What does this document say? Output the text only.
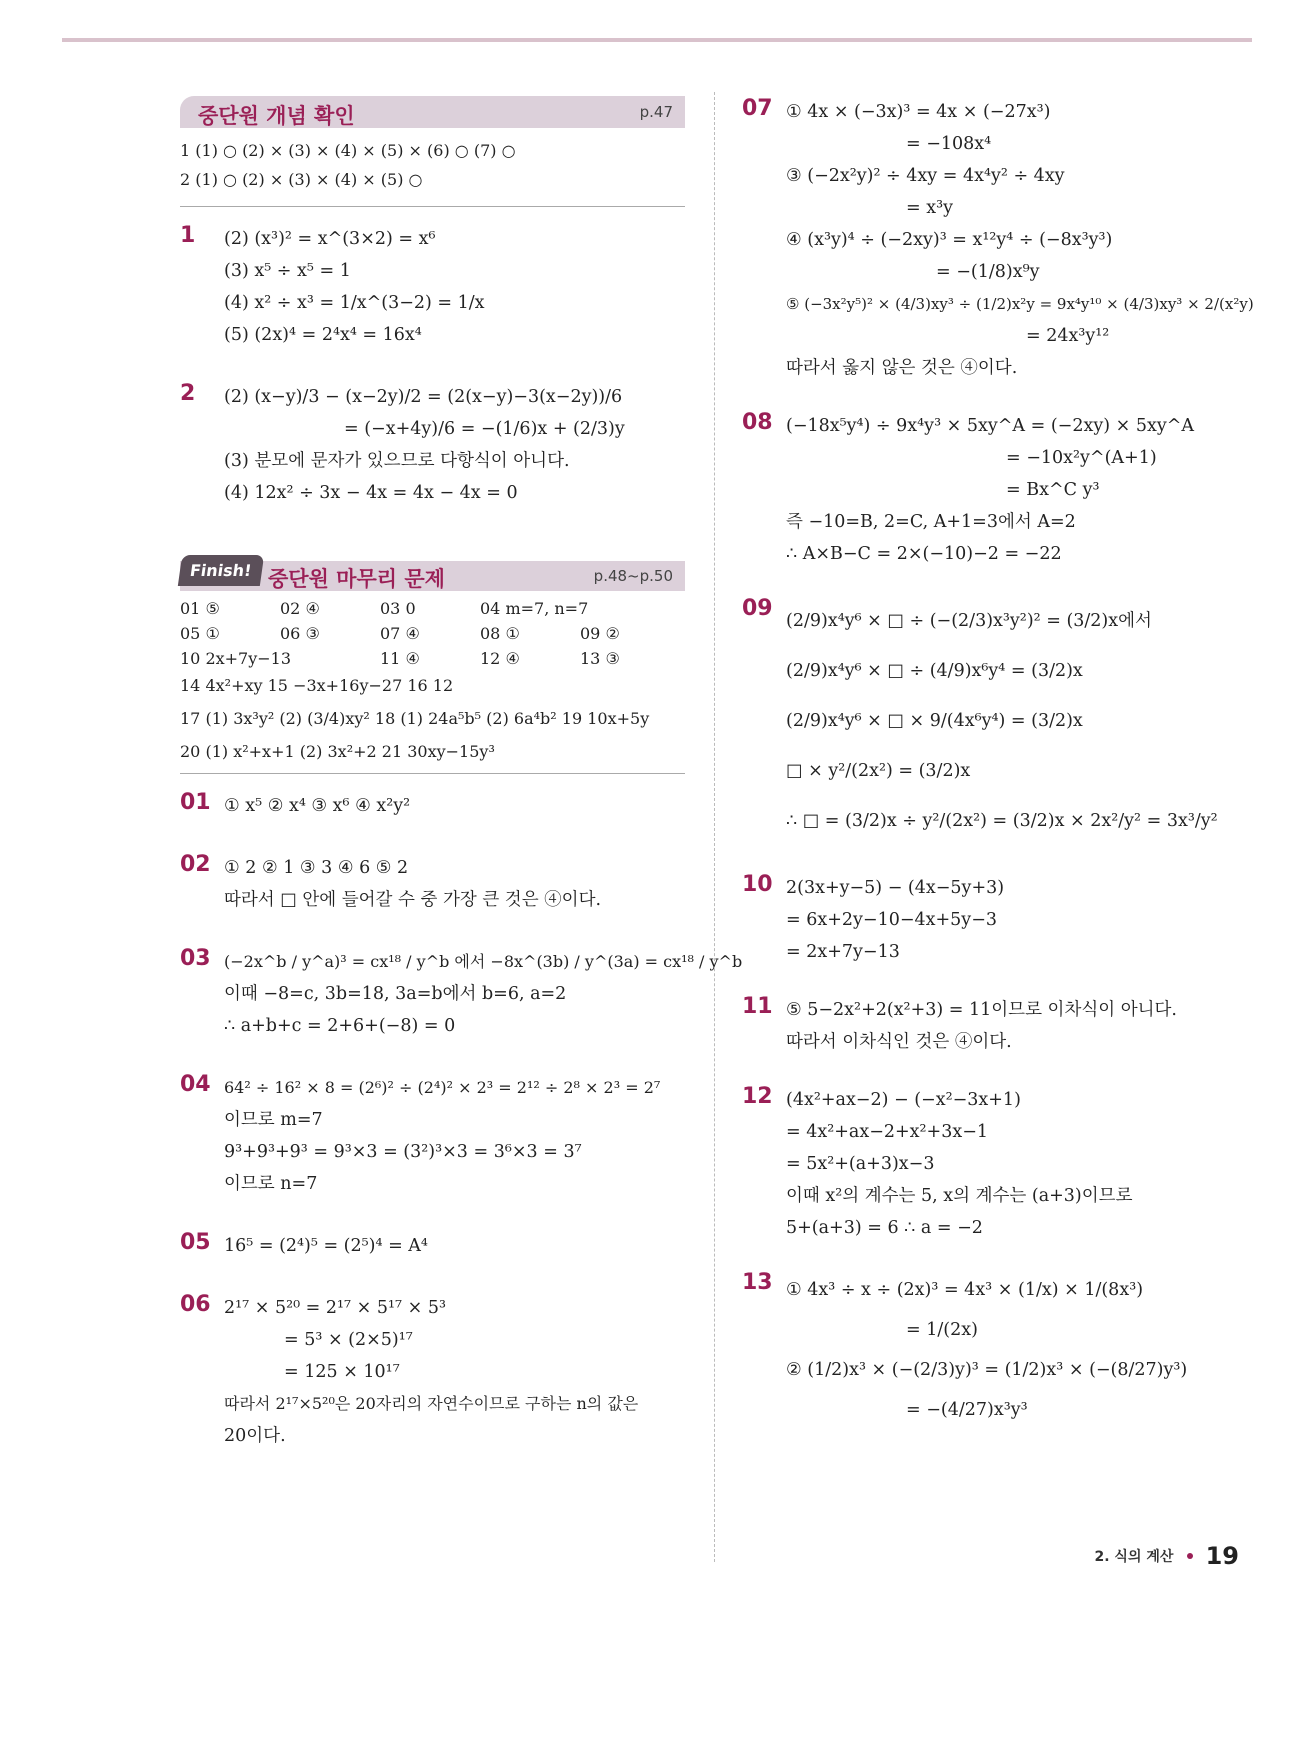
중단원 개념 확인	p.47
1 (1) ○ (2) × (3) × (4) × (5) × (6) ○ (7) ○
2 (1) ○ (2) × (3) × (4) × (5) ○
1 (2) (x³)² = x^(3×2) = x⁶
(3) x⁵ ÷ x⁵ = 1
(4) x² ÷ x³ = 1/x^(3−2) = 1/x
(5) (2x)⁴ = 2⁴x⁴ = 16x⁴
2 (2) (x−y)/3 − (x−2y)/2 = (2(x−y)−3(x−2y))/6
= (−x+4y)/6 = −(1/6)x + (2/3)y
(3) 분모에 문자가 있으므로 다항식이 아니다.
(4) 12x² ÷ 3x − 4x = 4x − 4x = 0
Finish! 중단원 마무리 문제	p.48~p.50
01 ⑤	02 ④	03 0	04 m=7, n=7
05 ①	06 ③	07 ④	08 ①	09 ②
10 2x+7y−13	11 ④	12 ④	13 ③
14 4x²+xy 15 −3x+16y−27 16 12
17 (1) 3x³y² (2) (3/4)xy² 18 (1) 24a⁵b⁵ (2) 6a⁴b² 19 10x+5y
20 (1) x²+x+1 (2) 3x²+2 21 30xy−15y³
01 ① x⁵ ② x⁴ ③ x⁶ ④ x²y²
02 ① 2 ② 1 ③ 3 ④ 6 ⑤ 2
따라서 □ 안에 들어갈 수 중 가장 큰 것은 ④이다.
03 (−2x^b / y^a)³ = cx¹⁸ / y^b 에서 −8x^(3b) / y^(3a) = cx¹⁸ / y^b
이때 −8=c, 3b=18, 3a=b에서 b=6, a=2
∴ a+b+c = 2+6+(−8) = 0
04 64² ÷ 16² × 8 = (2⁶)² ÷ (2⁴)² × 2³ = 2¹² ÷ 2⁸ × 2³ = 2⁷
이므로 m=7
9³+9³+9³ = 9³×3 = (3²)³×3 = 3⁶×3 = 3⁷
이므로 n=7
05 16⁵ = (2⁴)⁵ = (2⁵)⁴ = A⁴
06 2¹⁷ × 5²⁰ = 2¹⁷ × 5¹⁷ × 5³
= 5³ × (2×5)¹⁷
= 125 × 10¹⁷
따라서 2¹⁷×5²⁰은 20자리의 자연수이므로 구하는 n의 값은
20이다.
07 ① 4x × (−3x)³ = 4x × (−27x³)
= −108x⁴
③ (−2x²y)² ÷ 4xy = 4x⁴y² ÷ 4xy
= x³y
④ (x³y)⁴ ÷ (−2xy)³ = x¹²y⁴ ÷ (−8x³y³)
= −(1/8)x⁹y
⑤ (−3x²y⁵)² × (4/3)xy³ ÷ (1/2)x²y = 9x⁴y¹⁰ × (4/3)xy³ × 2/(x²y)
= 24x³y¹²
따라서 옳지 않은 것은 ④이다.
08 (−18x⁵y⁴) ÷ 9x⁴y³ × 5xy^A = (−2xy) × 5xy^A
= −10x²y^(A+1)
= Bx^C y³
즉 −10=B, 2=C, A+1=3에서 A=2
∴ A×B−C = 2×(−10)−2 = −22
09 (2/9)x⁴y⁶ × □ ÷ (−(2/3)x³y²)² = (3/2)x에서
(2/9)x⁴y⁶ × □ ÷ (4/9)x⁶y⁴ = (3/2)x
(2/9)x⁴y⁶ × □ × 9/(4x⁶y⁴) = (3/2)x
□ × y²/(2x²) = (3/2)x
∴ □ = (3/2)x ÷ y²/(2x²) = (3/2)x × 2x²/y² = 3x³/y²
10 2(3x+y−5) − (4x−5y+3)
= 6x+2y−10−4x+5y−3
= 2x+7y−13
11 ⑤ 5−2x²+2(x²+3) = 11이므로 이차식이 아니다.
따라서 이차식인 것은 ④이다.
12 (4x²+ax−2) − (−x²−3x+1)
= 4x²+ax−2+x²+3x−1
= 5x²+(a+3)x−3
이때 x²의 계수는 5, x의 계수는 (a+3)이므로
5+(a+3) = 6 ∴ a = −2
13 ① 4x³ ÷ x ÷ (2x)³ = 4x³ × (1/x) × 1/(8x³)
= 1/(2x)
② (1/2)x³ × (−(2/3)y)³ = (1/2)x³ × (−(8/27)y³)
= −(4/27)x³y³
2. 식의 계산 19
